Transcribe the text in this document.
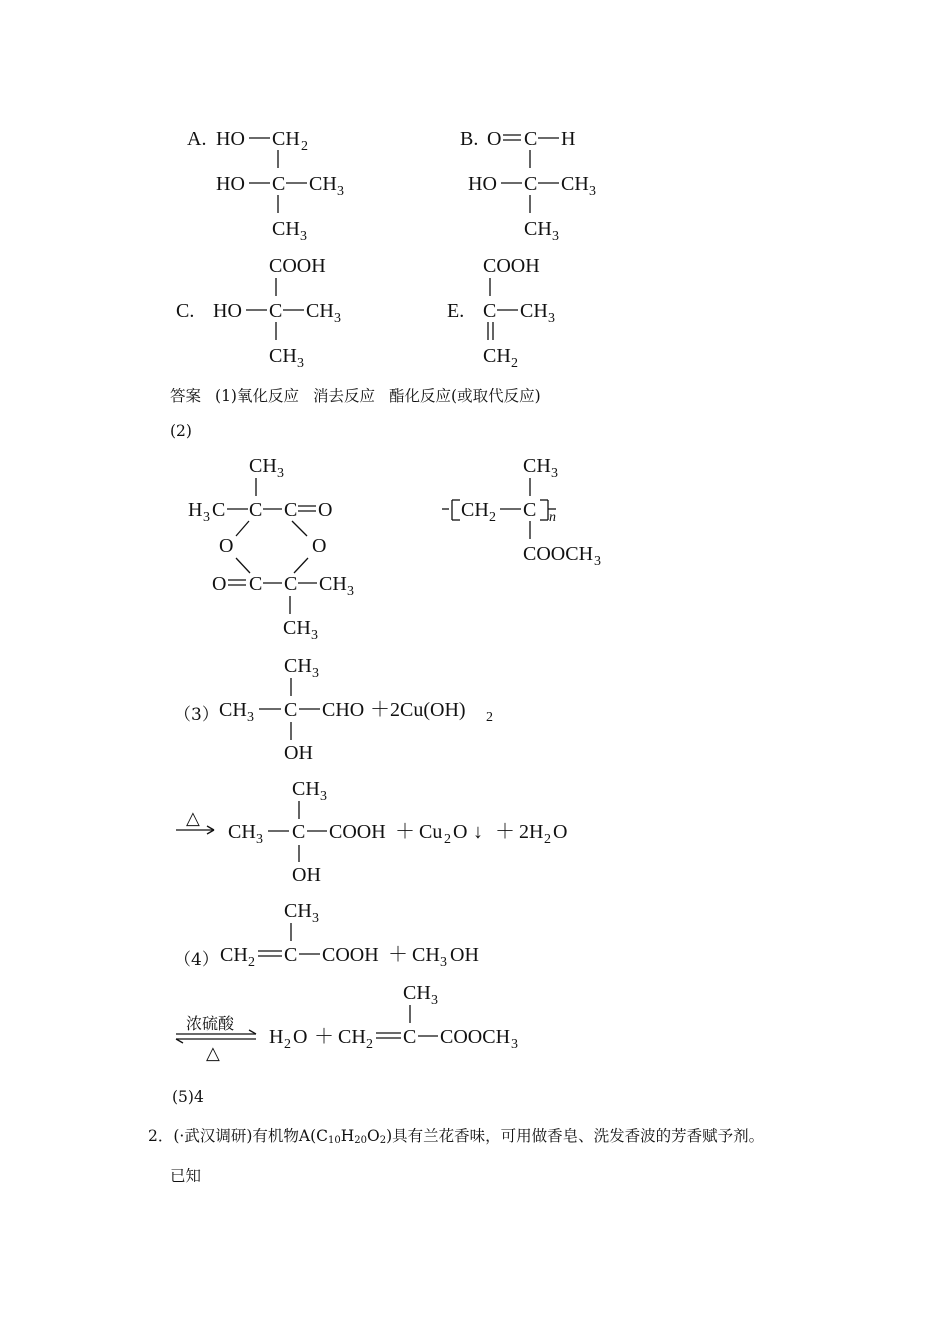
A. HO CH 2
HO C CH 3
CH 3
B. O C H
HO C CH 3
CH 3
COOH
C. HO C CH 3
CH 3
COOH
E. C CH 3
CH 2
CH 3
H 3 C C C O
O	O
O C C CH 3
CH 3
CH 3
CH 2 C n
COOCH 3
CH 3
CH 3 C CHO ＋2Cu(OH) 2
OH
△
CH 3
CH 3 C COOH ＋ Cu 2 O ↓ ＋ 2H 2 O
OH
CH 3
CH 2 C COOH ＋ CH 3 OH
浓硫酸
△
H 2 O ＋ CH 2 C
CH 3
COOCH 3

答案 (1)氧化反应 消去反应 酯化反应(或取代反应)

(2)

（3）

（4）

(5)4

2．(·武汉调研)有机物A(C10H20O2)具有兰花香味，可用做香皂、洗发香波的芳香赋予剂。

已知
